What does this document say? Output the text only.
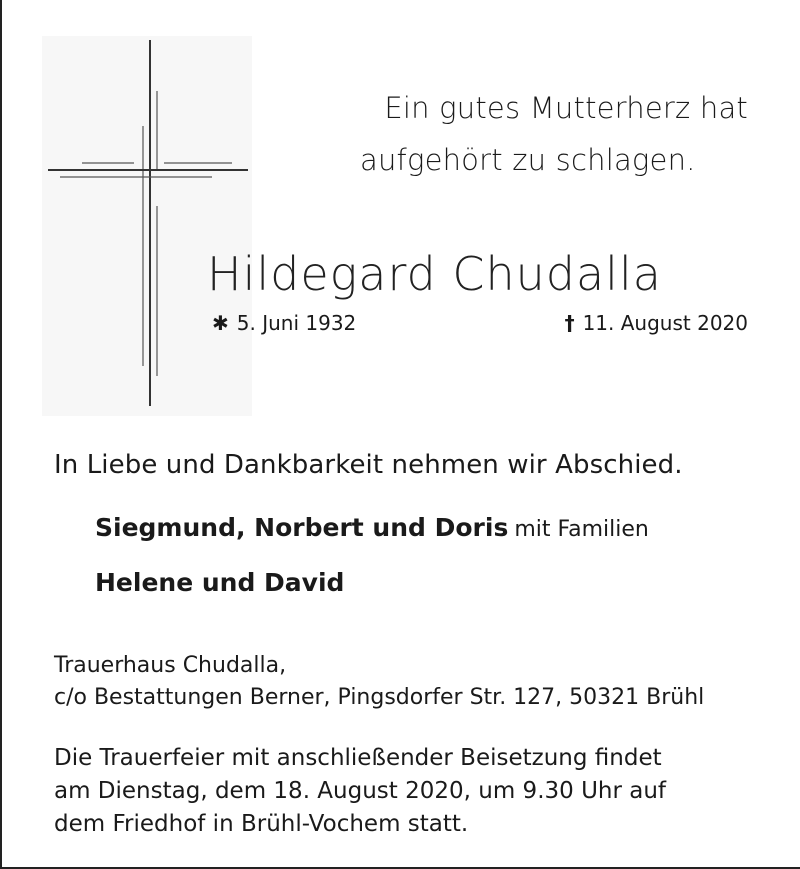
Ein gutes Mutterherz hat
aufgehört zu schlagen.
Hildegard Chudalla
✱ 5. Juni 1932	† 11. August 2020
In Liebe und Dankbarkeit nehmen wir Abschied.
Siegmund, Norbert und Doris mit Familien
Helene und David
Trauerhaus Chudalla,
c/o Bestattungen Berner, Pingsdorfer Str. 127, 50321 Brühl
Die Trauerfeier mit anschließender Beisetzung findet
am Dienstag, dem 18. August 2020, um 9.30 Uhr auf
dem Friedhof in Brühl-Vochem statt.
